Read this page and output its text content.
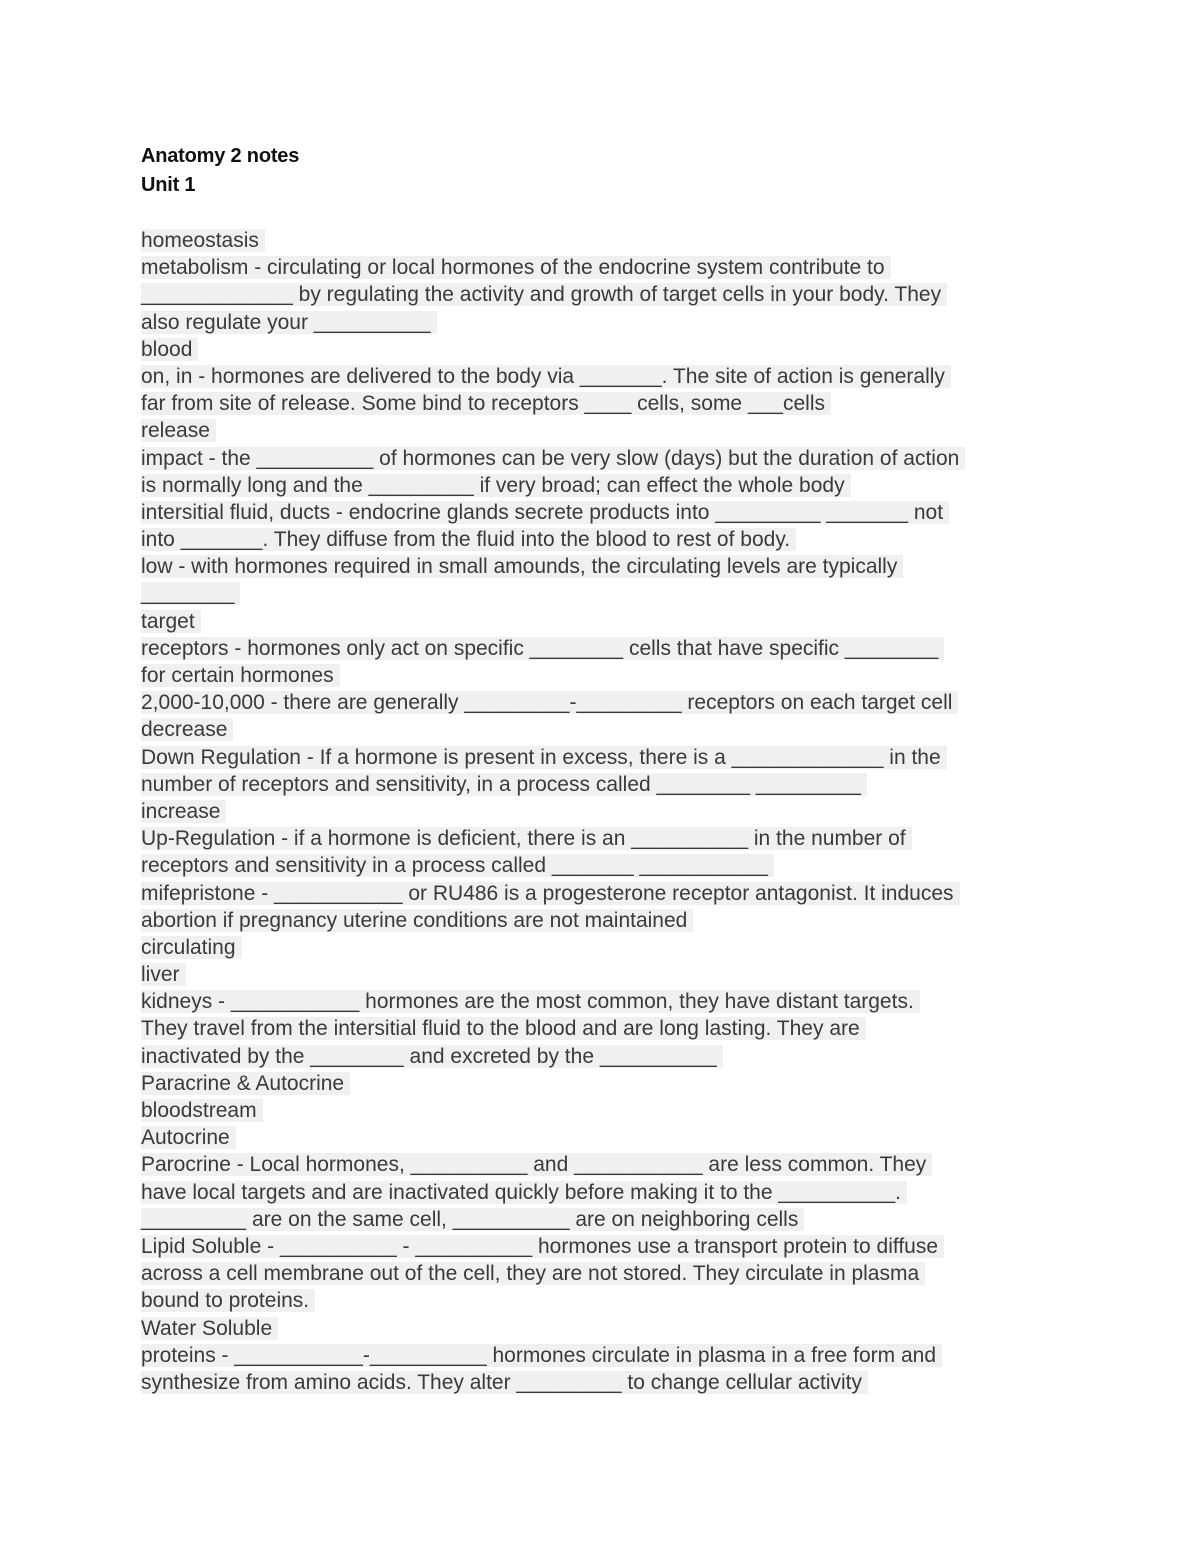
Anatomy 2 notes
Unit 1
homeostasis
metabolism - circulating or local hormones of the endocrine system contribute to
_____________ by regulating the activity and growth of target cells in your body. They
also regulate your __________
blood
on, in - hormones are delivered to the body via _______. The site of action is generally
far from site of release. Some bind to receptors ____ cells, some ___cells
release
impact - the __________ of hormones can be very slow (days) but the duration of action
is normally long and the _________ if very broad; can effect the whole body
intersitial fluid, ducts - endocrine glands secrete products into _________ _______ not
into _______. They diffuse from the fluid into the blood to rest of body.
low - with hormones required in small amounds, the circulating levels are typically
________
target
receptors - hormones only act on specific ________ cells that have specific ________
for certain hormones
2,000-10,000 - there are generally _________-_________ receptors on each target cell
decrease
Down Regulation - If a hormone is present in excess, there is a _____________ in the
number of receptors and sensitivity, in a process called ________ _________
increase
Up-Regulation - if a hormone is deficient, there is an __________ in the number of
receptors and sensitivity in a process called _______ ___________
mifepristone - ___________ or RU486 is a progesterone receptor antagonist. It induces
abortion if pregnancy uterine conditions are not maintained
circulating
liver
kidneys - ___________ hormones are the most common, they have distant targets.
They travel from the intersitial fluid to the blood and are long lasting. They are
inactivated by the ________ and excreted by the __________
Paracrine & Autocrine
bloodstream
Autocrine
Parocrine - Local hormones, __________ and ___________ are less common. They
have local targets and are inactivated quickly before making it to the __________.
_________ are on the same cell, __________ are on neighboring cells
Lipid Soluble - __________ - __________ hormones use a transport protein to diffuse
across a cell membrane out of the cell, they are not stored. They circulate in plasma
bound to proteins.
Water Soluble
proteins - ___________-__________ hormones circulate in plasma in a free form and
synthesize from amino acids. They alter _________ to change cellular activity
